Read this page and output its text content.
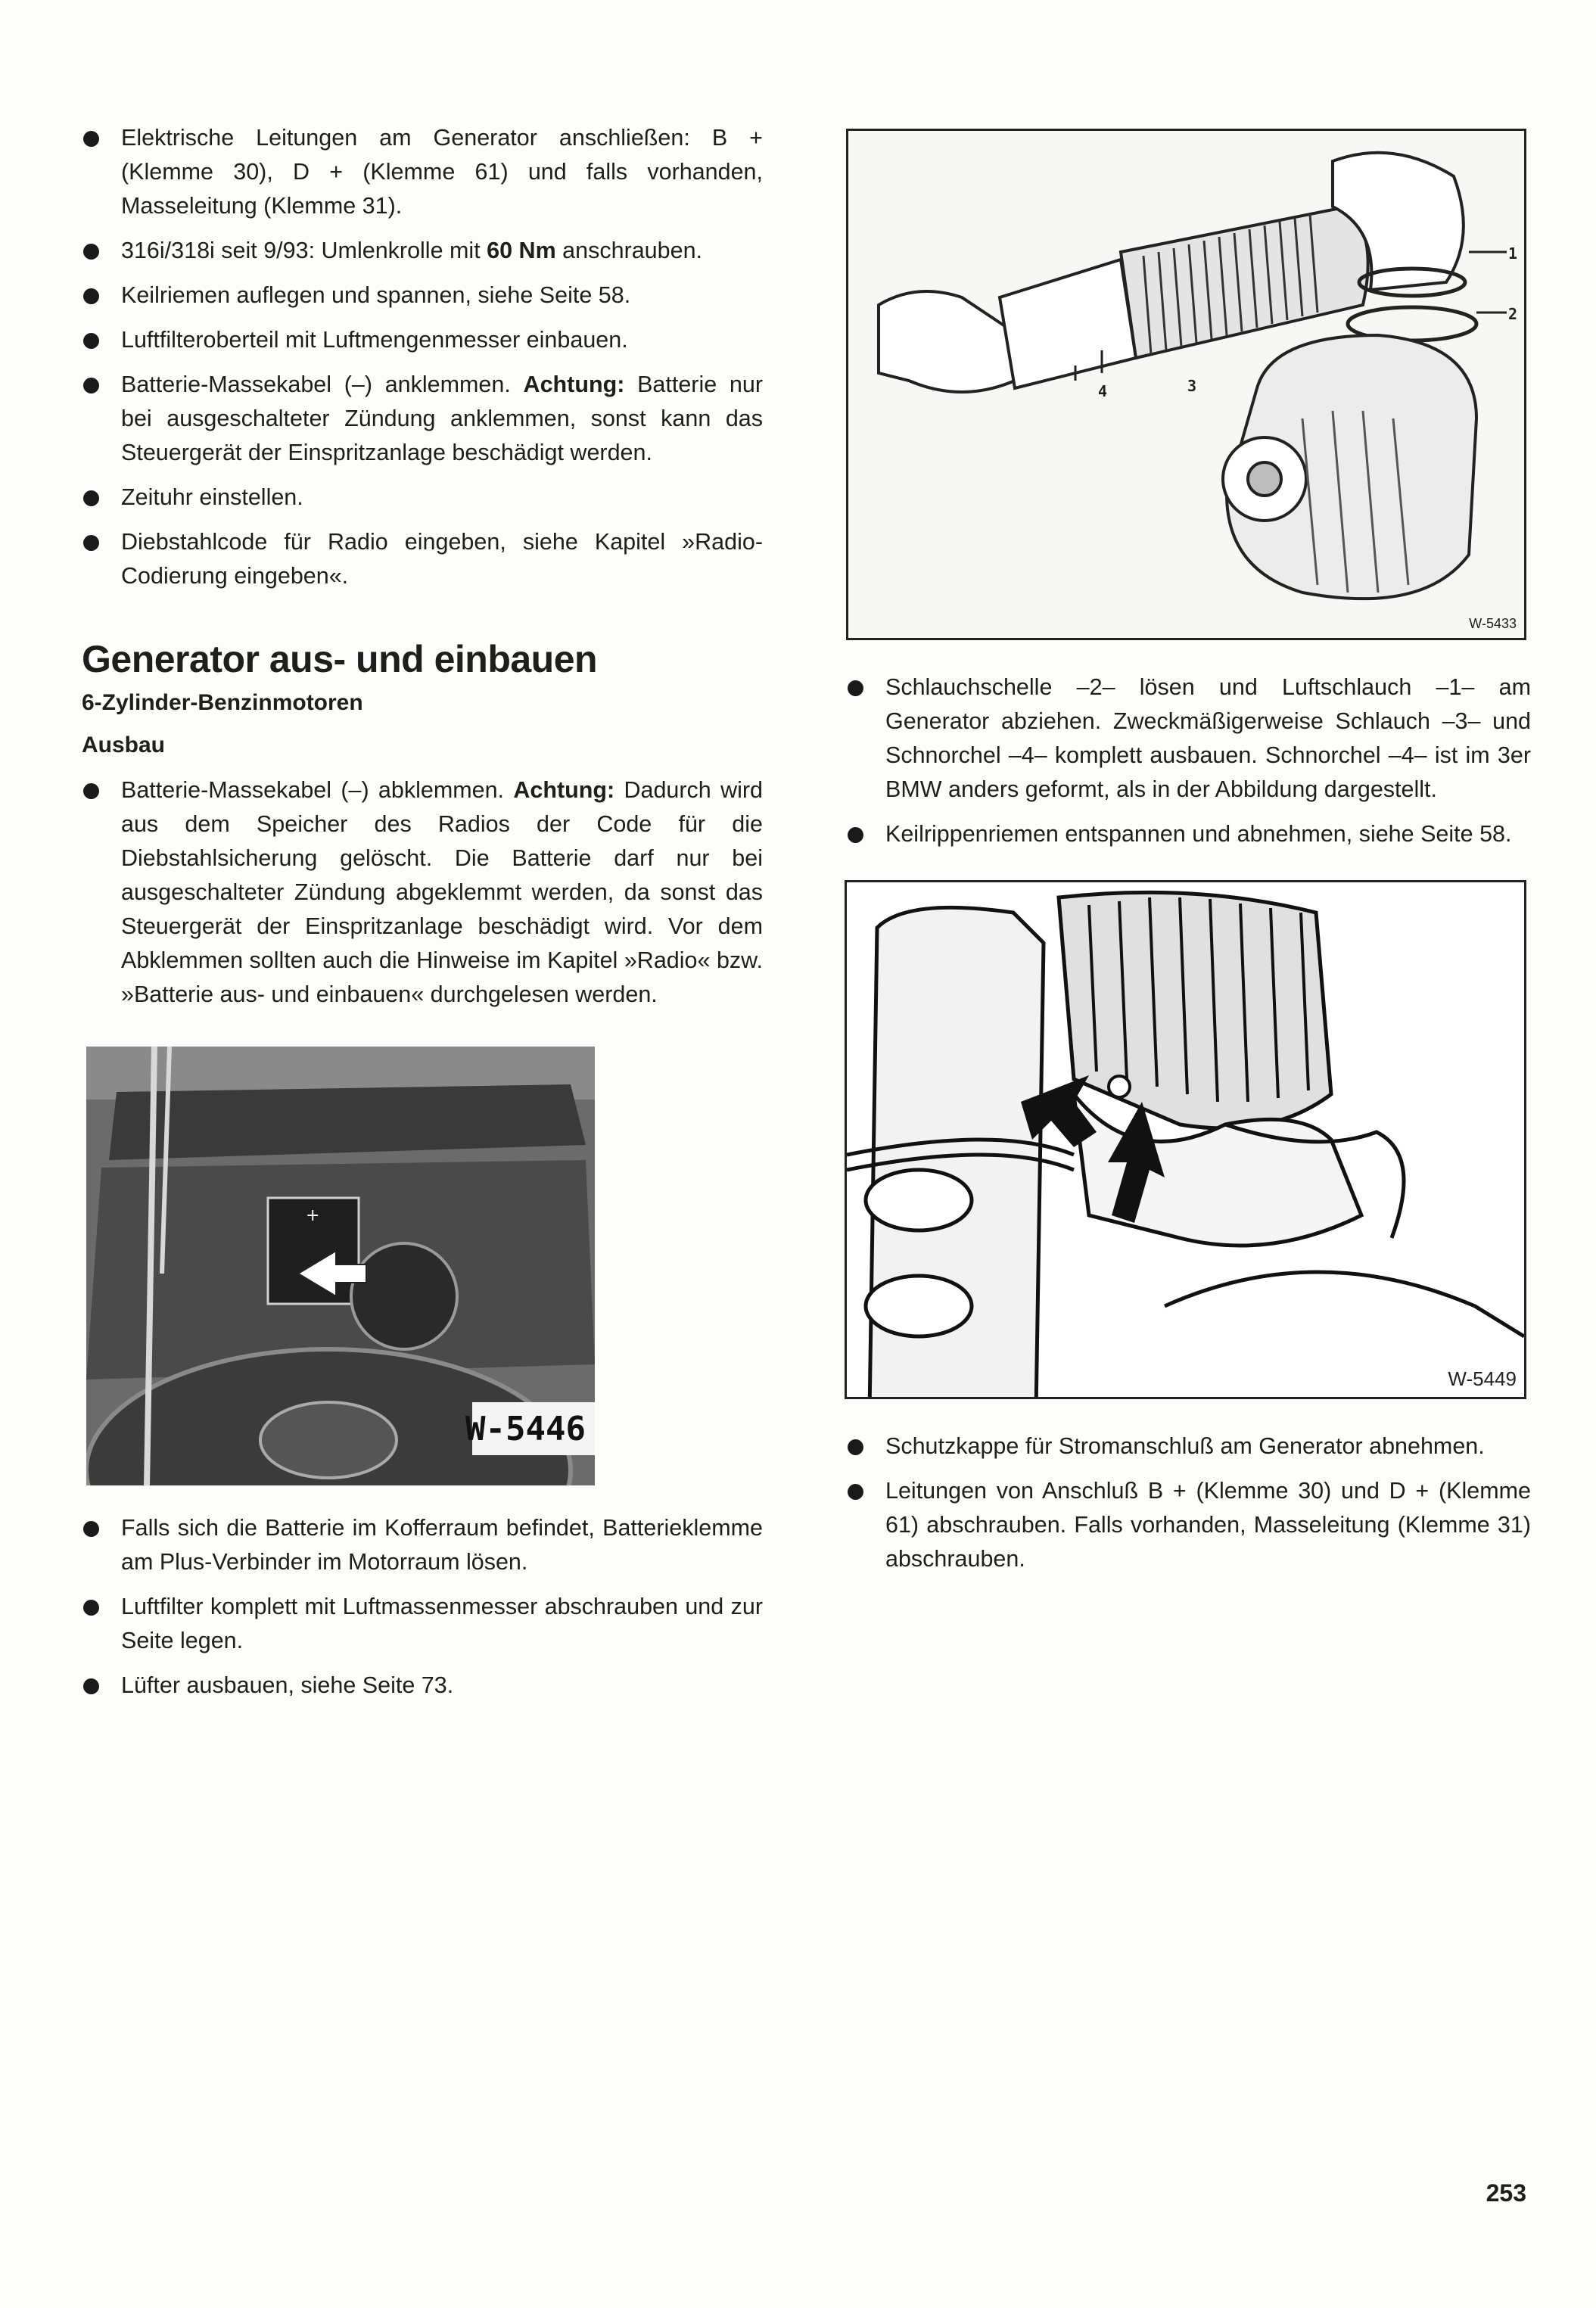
Elektrische Leitungen am Generator anschließen: B + (Klemme 30), D + (Klemme 61) und falls vorhanden, Masseleitung (Klemme 31).
316i/318i seit 9/93: Umlenkrolle mit 60 Nm anschrauben.
Keilriemen auflegen und spannen, siehe Seite 58.
Luftfilteroberteil mit Luftmengenmesser einbauen.
Batterie-Massekabel (–) anklemmen. Achtung: Batterie nur bei ausgeschalteter Zündung anklemmen, sonst kann das Steuergerät der Einspritzanlage beschädigt werden.
Zeituhr einstellen.
Diebstahlcode für Radio eingeben, siehe Kapitel »Radio-Codierung eingeben«.
Generator aus- und einbauen
6-Zylinder-Benzinmotoren
Ausbau
Batterie-Massekabel (–) abklemmen. Achtung: Dadurch wird aus dem Speicher des Radios der Code für die Diebstahlsicherung gelöscht. Die Batterie darf nur bei ausgeschalteter Zündung abgeklemmt werden, da sonst das Steuergerät der Einspritzanlage beschädigt wird. Vor dem Abklemmen sollten auch die Hinweise im Kapitel »Radio« bzw. »Batterie aus- und einbauen« durchgelesen werden.
+
W-5446
Falls sich die Batterie im Kofferraum befindet, Batterieklemme am Plus-Verbinder im Motorraum lösen.
Luftfilter komplett mit Luftmassenmesser abschrauben und zur Seite legen.
Lüfter ausbauen, siehe Seite 73.
1
2
3
4
W-5433
Schlauchschelle –2– lösen und Luftschlauch –1– am Generator abziehen. Zweckmäßigerweise Schlauch –3– und Schnorchel –4– komplett ausbauen. Schnorchel –4– ist im 3er BMW anders geformt, als in der Abbildung dargestellt.
Keilrippenriemen entspannen und abnehmen, siehe Seite 58.
W-5449
Schutzkappe für Stromanschluß am Generator abnehmen.
Leitungen von Anschluß B + (Klemme 30) und D + (Klemme 61) abschrauben. Falls vorhanden, Masseleitung (Klemme 31) abschrauben.
253
